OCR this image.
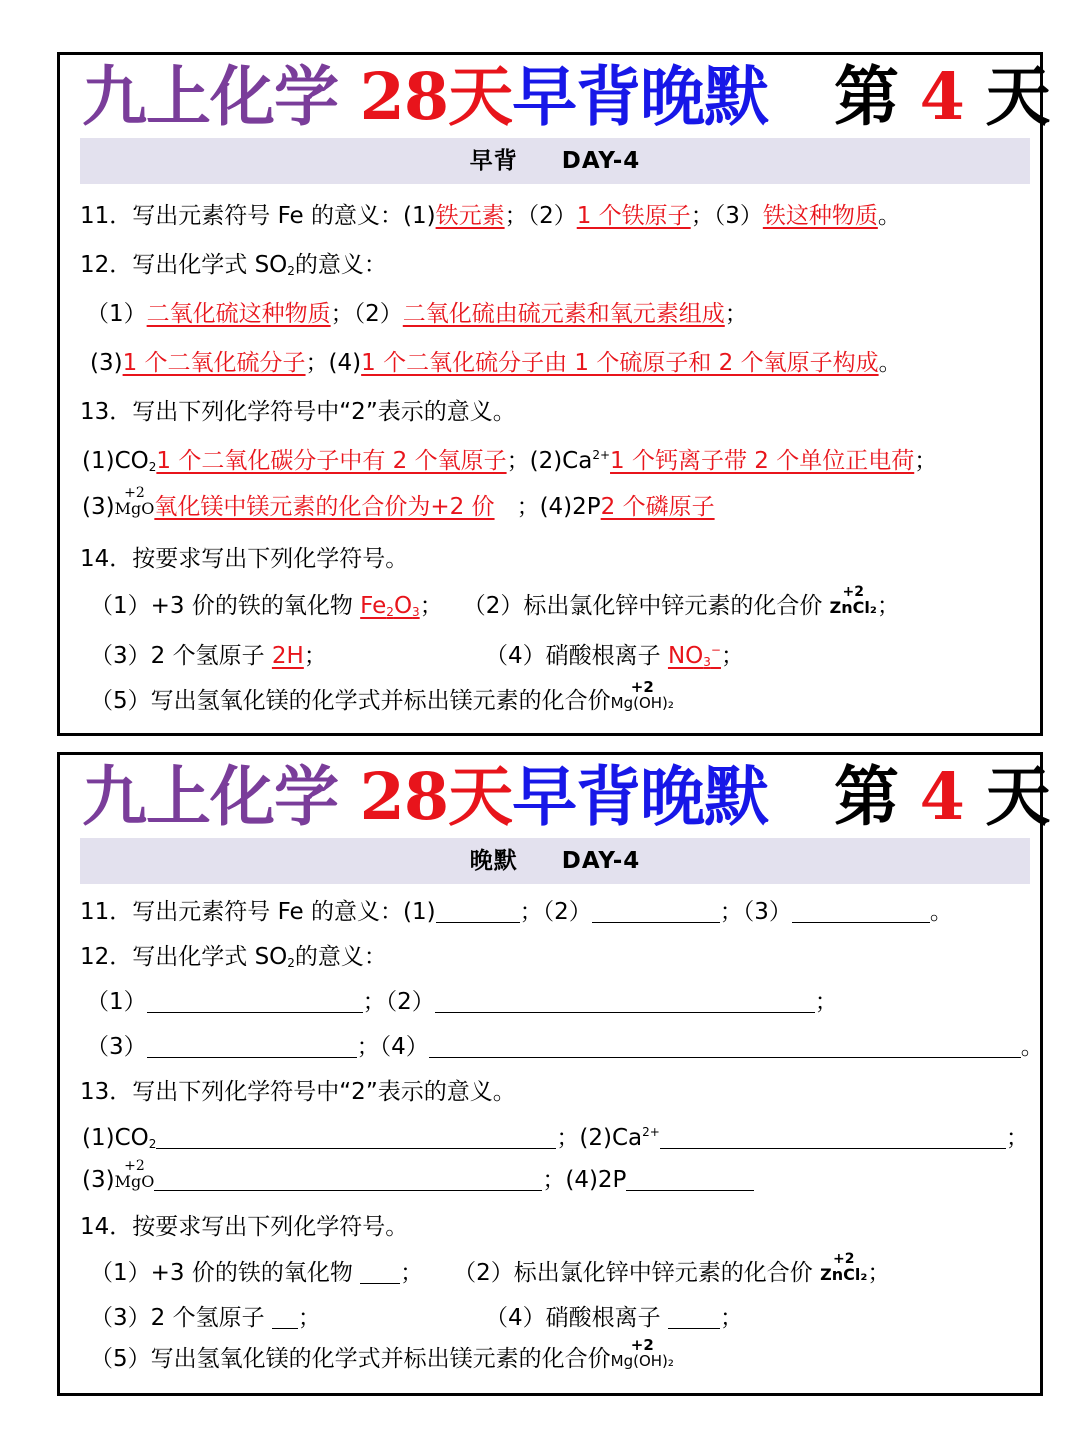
九上化学 28天早背晚默 第 4 天
早背 DAY-4
11．写出元素符号 Fe 的意义：(1)铁元素；（2）1 个铁原子；（3）铁这种物质。
12．写出化学式 $SO_2$的意义：
（1）二氧化硫这种物质；（2）二氧化硫由硫元素和氧元素组成；
(3)1 个二氧化硫分子；(4)1 个二氧化硫分子由 1 个硫原子和 2 个氧原子构成。
13．写出下列化学符号中“2”表示的意义。
$(1)CO_21$ 个二氧化碳分子中有 2 个氧原子；$(2)Ca^{2+}1$ 个钙离子带 2 个单位正电荷；
(3)
+2
MgO氧化镁中镁元素的化合价为+2 价 ；(4)2P2 个磷原子
14．按要求写出下列化学符号。
（1）+3 价的铁的氧化物 $Fe_2O_3$； （2）标出氯化锌中锌元素的化合价
+2
ZnCl₂；
（3）2 个氢原子 2H；	（4）硝酸根离子 $NO_3^-$；
（5）写出氢氧化镁的化学式并标出镁元素的化合价
+2
Mg(OH)₂
九上化学 28天早背晚默 第 4 天
晚默 DAY-4
11．写出元素符号 Fe 的意义：(1)	；（2）	；（3）	。
12．写出化学式 $SO_2$的意义：
（1）	；（2）	；
（3）	；（4）	。
13．写出下列化学符号中“2”表示的意义。
$(1)CO_2$	；$(2)Ca^{2+}$	；
(3)
+2
MgO	；(4)2P
14．按要求写出下列化学符号。
（1）+3 价的铁的氧化物 ； （2）标出氯化锌中锌元素的化合价
+2
ZnCl₂；
（3）2 个氢原子 ；	（4）硝酸根离子 ；
（5）写出氢氧化镁的化学式并标出镁元素的化合价
+2
Mg(OH)₂
